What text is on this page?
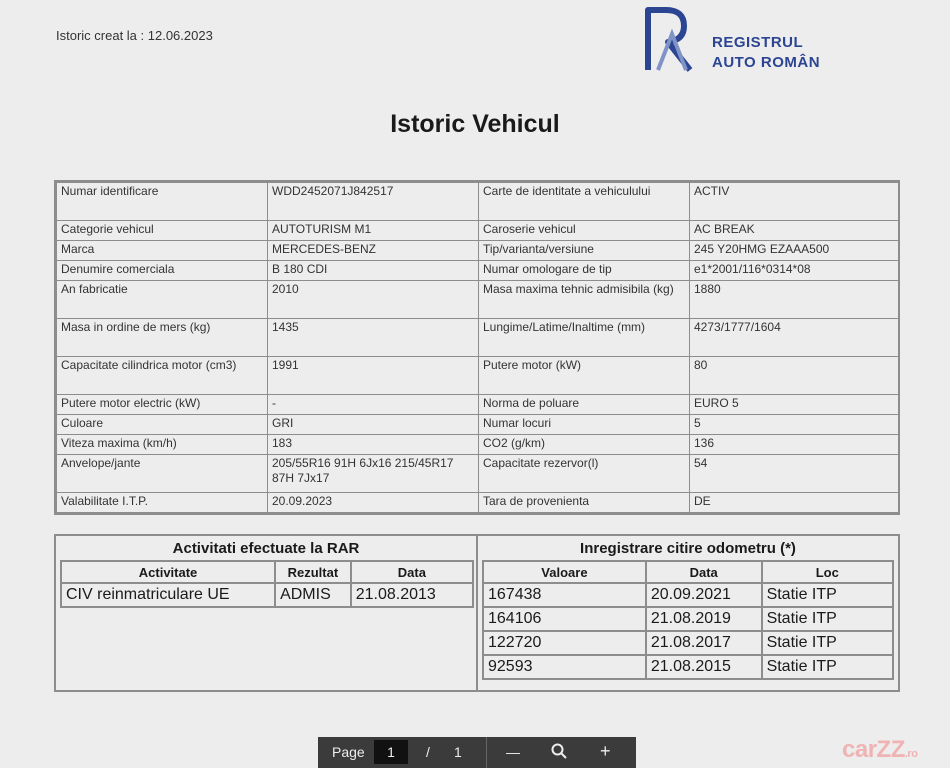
Istoric creat la : 12.06.2023	REGISTRUL
AUTO ROMÂN
Istoric Vehicul
Numar identificare	WDD2452071J842517	Carte de identitate a vehiculului	ACTIV
Categorie vehicul	AUTOTURISM M1	Caroserie vehicul	AC BREAK
Marca	MERCEDES-BENZ	Tip/varianta/versiune	245 Y20HMG EZAAA500
Denumire comerciala	B 180 CDI	Numar omologare de tip	e1*2001/116*0314*08
An fabricatie	2010	Masa maxima tehnic admisibila (kg)	1880
Masa in ordine de mers (kg)	1435	Lungime/Latime/Inaltime (mm)	4273/1777/1604
Capacitate cilindrica motor (cm3)	1991	Putere motor (kW)	80
Putere motor electric (kW)	-	Norma de poluare	EURO 5
Culoare	GRI	Numar locuri	5
Viteza maxima (km/h)	183	CO2 (g/km)	136
Anvelope/jante	205/55R16 91H 6Jx16 215/45R17 87H 7Jx17	Capacitate rezervor(l)	54
Valabilitate I.T.P.	20.09.2023	Tara de provenienta	DE
Activitati efectuate la RAR
Activitate	Rezultat	Data
CIV reinmatriculare UE	ADMIS	21.08.2013
Inregistrare citire odometru (*)
Valoare	Data	Loc
167438	20.09.2021	Statie ITP
164106	21.08.2019	Statie ITP
122720	21.08.2017	Statie ITP
92593	21.08.2015	Statie ITP
Page	1	/ 1	—	+	carZZ.ro
